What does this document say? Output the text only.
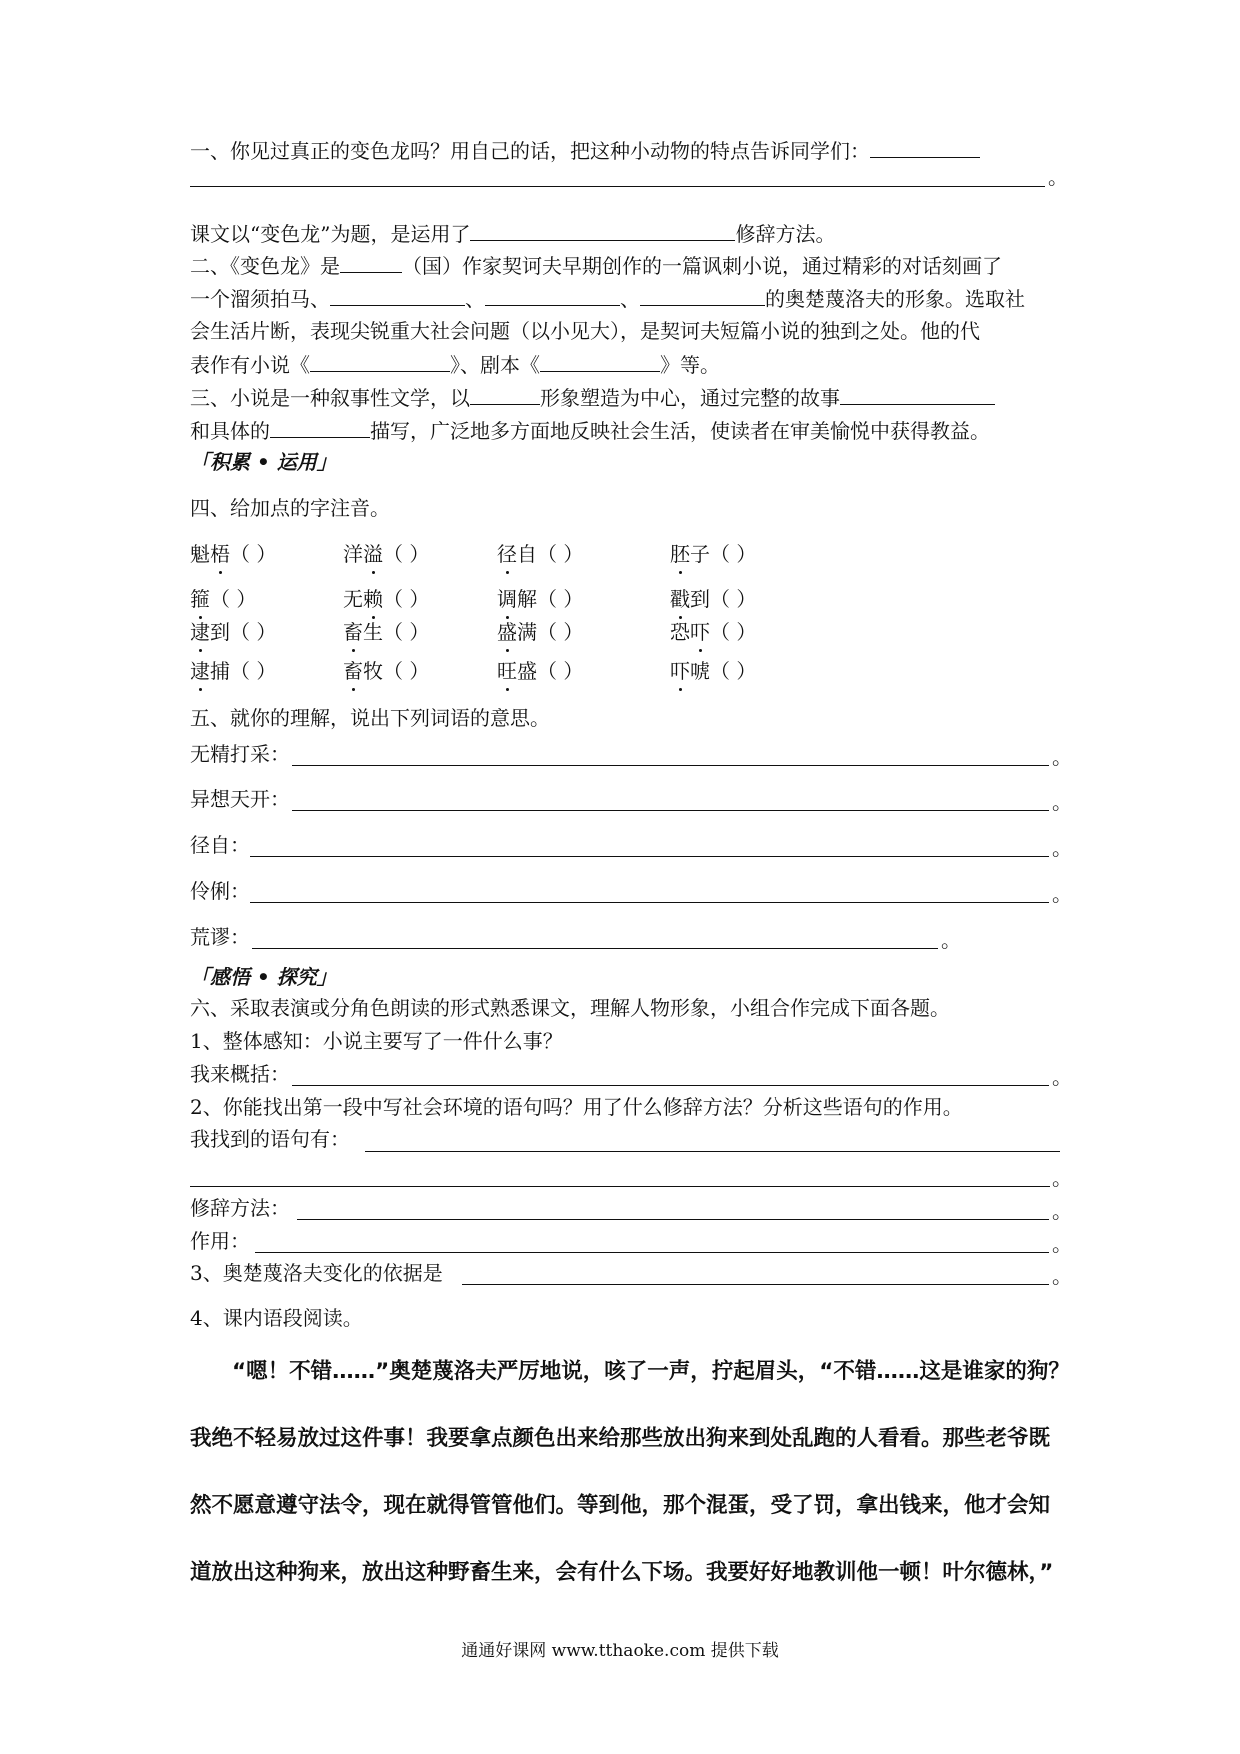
一、你见过真正的变色龙吗？用自己的话，把这种小动物的特点告诉同学们：
。
课文以“变色龙”为题，是运用了	修辞方法。
二、《变色龙》是	（国）作家契诃夫早期创作的一篇讽刺小说，通过精彩的对话刻画了
一个溜须拍马、	、	、	的奥楚蔑洛夫的形象。选取社
会生活片断，表现尖锐重大社会问题（以小见大），是契诃夫短篇小说的独到之处。他的代
表作有小说《	》、剧本《	》等。
三、小说是一种叙事性文学，以	形象塑造为中心，通过完整的故事
和具体的	描写，广泛地多方面地反映社会生活，使读者在审美愉悦中获得教益。
「积累 • 运用」
四、给加点的字注音。
魁梧（ ）	洋溢（ ）	径自（ ）	胚子（ ）
箍（ ）	无赖（ ）	调解（ ）	戳到（ ）
逮到（ ）	畜生（ ）	盛满（ ）	恐吓（ ）
逮捕（ ）	畜牧（ ）	旺盛（ ）	吓唬（ ）
五、就你的理解，说出下列词语的意思。
无精打采：	。
异想天开：	。
径自：	。
伶俐：	。
荒谬：	。
「感悟 • 探究」
六、采取表演或分角色朗读的形式熟悉课文，理解人物形象，小组合作完成下面各题。
1、整体感知：小说主要写了一件什么事？
我来概括：	。
2、你能找出第一段中写社会环境的语句吗？用了什么修辞方法？分析这些语句的作用。
我找到的语句有：
。
修辞方法：	。
作用：	。
3、奥楚蔑洛夫变化的依据是	。
4、课内语段阅读。
“嗯！不错……”奥楚蔑洛夫严厉地说，咳了一声，拧起眉头，“不错……这是谁家的狗？
我绝不轻易放过这件事！我要拿点颜色出来给那些放出狗来到处乱跑的人看看。那些老爷既
然不愿意遵守法令，现在就得管管他们。等到他，那个混蛋，受了罚，拿出钱来，他才会知
道放出这种狗来，放出这种野畜生来，会有什么下场。我要好好地教训他一顿！叶尔德林，”
通通好课网 www.tthaoke.com 提供下载
